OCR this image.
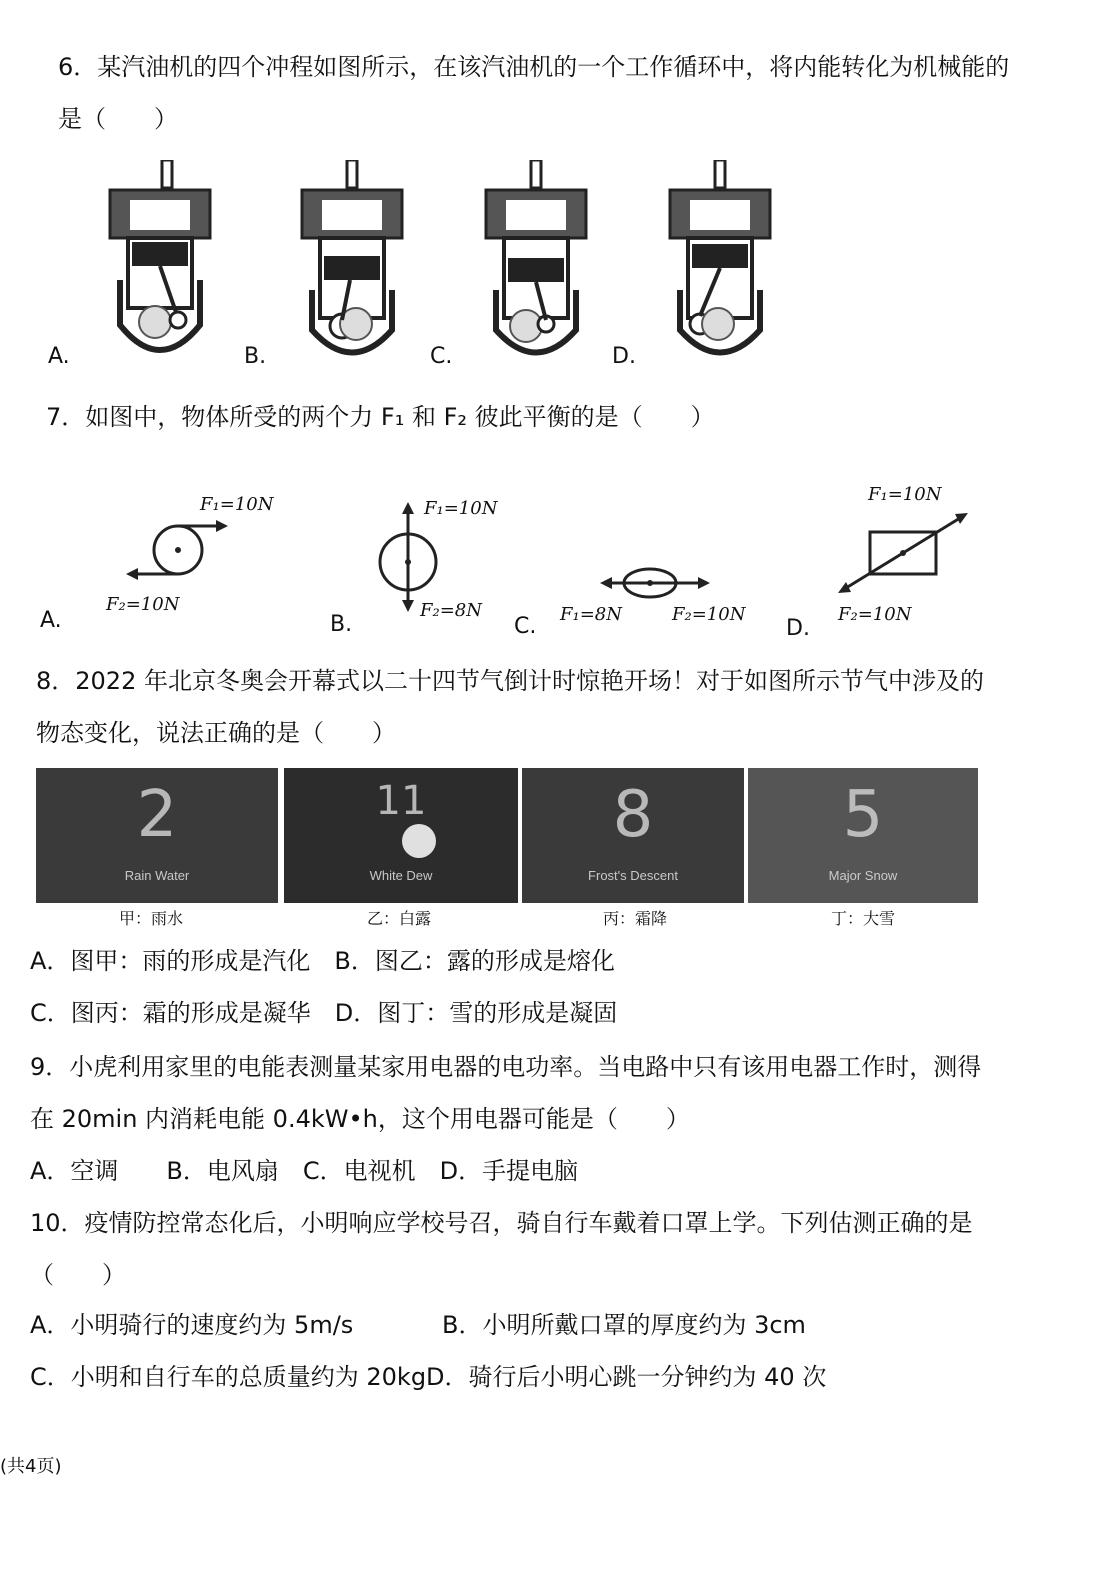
6．某汽油机的四个冲程如图所示，在该汽油机的一个工作循环中，将内能转化为机械能的
是（　　）
A.	B.	C.	D.
7．如图中，物体所受的两个力 F₁ 和 F₂ 彼此平衡的是（　　）
F₁=10N
F₂=10N
F₁=10N
F₂=8N	F₁=8N	F₂=10N
F₁=10N
F₂=10N
A.	B.	C.	D.
8．2022 年北京冬奥会开幕式以二十四节气倒计时惊艳开场！对于如图所示节气中涉及的
物态变化，说法正确的是（　　）
2
Rain Water
11
White Dew
8
Frost's Descent
5
Major Snow
甲：雨水	乙：白露	丙：霜降	丁：大雪
A．图甲：雨的形成是汽化　B．图乙：露的形成是熔化
C．图丙：霜的形成是凝华　D．图丁：雪的形成是凝固
9．小虎利用家里的电能表测量某家用电器的电功率。当电路中只有该用电器工作时，测得
在 20min 内消耗电能 0.4kW•h，这个用电器可能是（　　）
A．空调　　B．电风扇　C．电视机　D．手提电脑
10．疫情防控常态化后，小明响应学校号召，骑自行车戴着口罩上学。下列估测正确的是
（　　）
A．小明骑行的速度约为 5m/s	B．小明所戴口罩的厚度约为 3cm
C．小明和自行车的总质量约为 20kgD．骑行后小明心跳一分钟约为 40 次
(共4页)
